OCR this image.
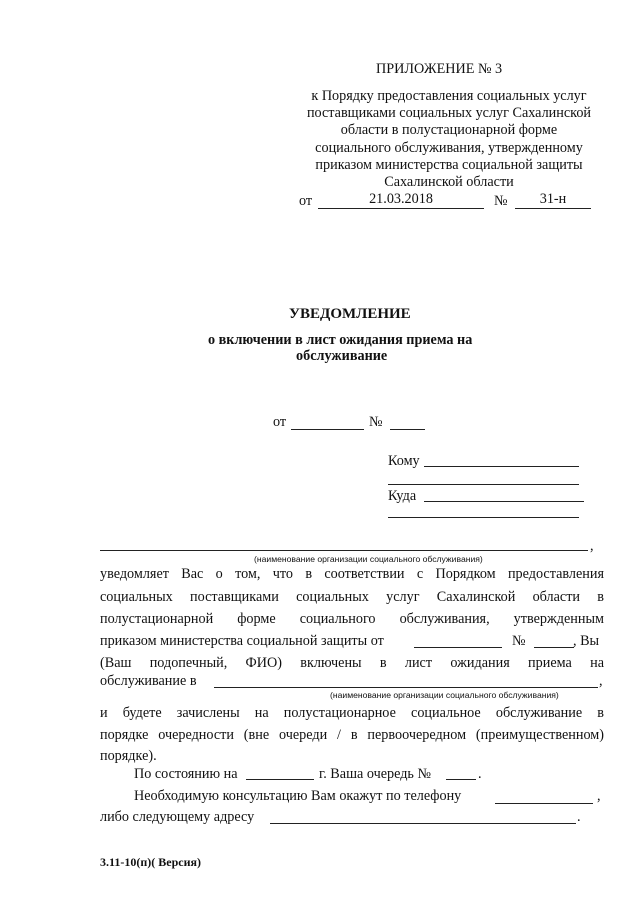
ПРИЛОЖЕНИЕ № 3
к Порядку предоставления социальных услуг
поставщиками социальных услуг Сахалинской
области в полустационарной форме
социального обслуживания, утвержденному
приказом министерства социальной защиты
Сахалинской области
от	21.03.2018	№	31-н
УВЕДОМЛЕНИЕ
о включении в лист ожидания приема на
обслуживание
от	№
Кому
Куда
,
(наименование организации социального обслуживания)
уведомляет Вас о том, что в соответствии с Порядком предоставления
социальных поставщиками социальных услуг Сахалинской области в
полустационарной форме социального обслуживания, утвержденным
приказом министерства социальной защиты от	№	, Вы
(Ваш подопечный, ФИО) включены в лист ожидания приема на
обслуживание в	,
(наименование организации социального обслуживания)
и будете зачислены на полустационарное социальное обслуживание в
порядке очередности (вне очереди / в первоочередном (преимущественном)
порядке).
По состоянию на	г. Ваша очередь №	.
Необходимую консультацию Вам окажут по телефону	,
либо следующему адресу	.
3.11-10(п)( Версия)
